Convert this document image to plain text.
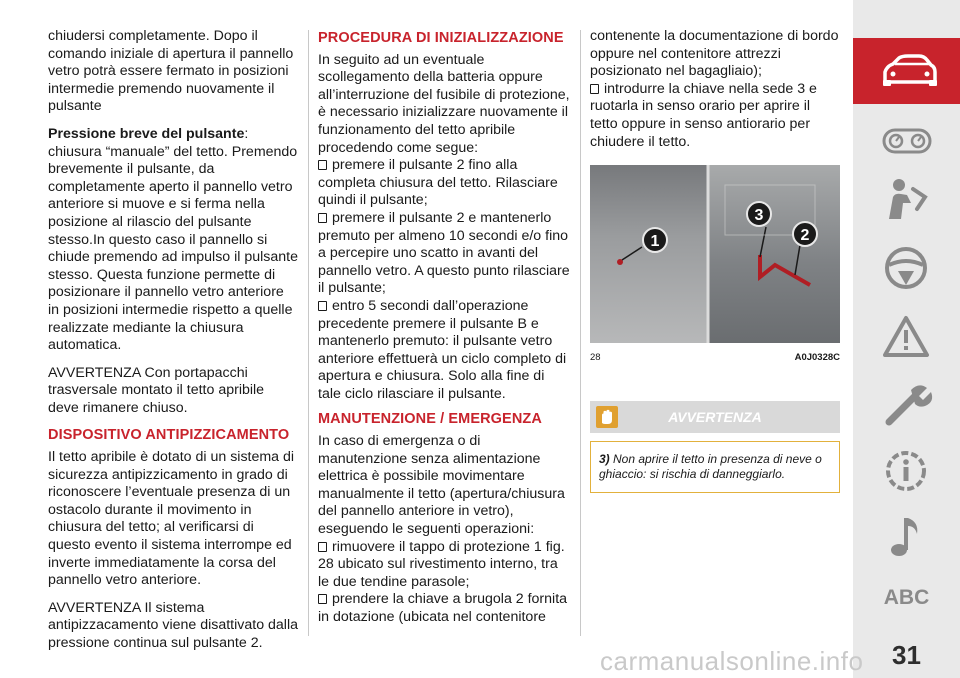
chiudersi completamente. Dopo il comando iniziale di apertura il pannello vetro potrà essere fermato in posizioni intermedie premendo nuovamente il pulsante

Pressione breve del pulsante: chiusura “manuale” del tetto. Premendo brevemente il pulsante, da completamente aperto il pannello vetro anteriore si muove e si ferma nella posizione al rilascio del pulsante stesso.In questo caso il pannello si chiude premendo ad impulso il pulsante stesso. Questa funzione permette di posizionare il pannello vetro anteriore in posizioni intermedie rispetto a quelle realizzate mediante la chiusura automatica.

AVVERTENZA Con portapacchi trasversale montato il tetto apribile deve rimanere chiuso.

DISPOSITIVO ANTIPIZZICAMENTO

Il tetto apribile è dotato di un sistema di sicurezza antipizzicamento in grado di riconoscere l’eventuale presenza di un ostacolo durante il movimento in chiusura del tetto; al verificarsi di questo evento il sistema interrompe ed inverte immediatamente la corsa del pannello vetro anteriore.

AVVERTENZA Il sistema antipizzacamento viene disattivato dalla pressione continua sul pulsante 2.

PROCEDURA DI INIZIALIZZAZIONE

In seguito ad un eventuale scollegamento della batteria oppure all’interruzione del fusibile di protezione, è necessario inizializzare nuovamente il funzionamento del tetto apribile procedendo come segue:

premere il pulsante 2 fino alla completa chiusura del tetto. Rilasciare quindi il pulsante;
premere il pulsante 2 e mantenerlo premuto per almeno 10 secondi e/o fino a percepire uno scatto in avanti del pannello vetro. A questo punto rilasciare il pulsante;
entro 5 secondi dall’operazione precedente premere il pulsante B e mantenerlo premuto: il pulsante vetro anteriore effettuerà un ciclo completo di apertura e chiusura. Solo alla fine di tale ciclo rilasciare il pulsante.
MANUTENZIONE / EMERGENZA

In caso di emergenza o di manutenzione senza alimentazione elettrica è possibile movimentare manualmente il tetto (apertura/chiusura del pannello anteriore in vetro), eseguendo le seguenti operazioni:

rimuovere il tappo di protezione 1 fig. 28 ubicato sul rivestimento interno, tra le due tendine parasole;
prendere la chiave a brugola 2 fornita in dotazione (ubicata nel contenitore

contenente la documentazione di bordo oppure nel contenitore attrezzi posizionato nel bagagliaio);

introdurre la chiave nella sede 3 e ruotarla in senso orario per aprire il tetto oppure in senso antiorario per chiudere il tetto.
1	2
3
28	A0J0328C
AVVERTENZA
3) Non aprire il tetto in presenza di neve o ghiaccio: si rischia di danneggiarlo.
ABC
31
carmanualsonline.info
